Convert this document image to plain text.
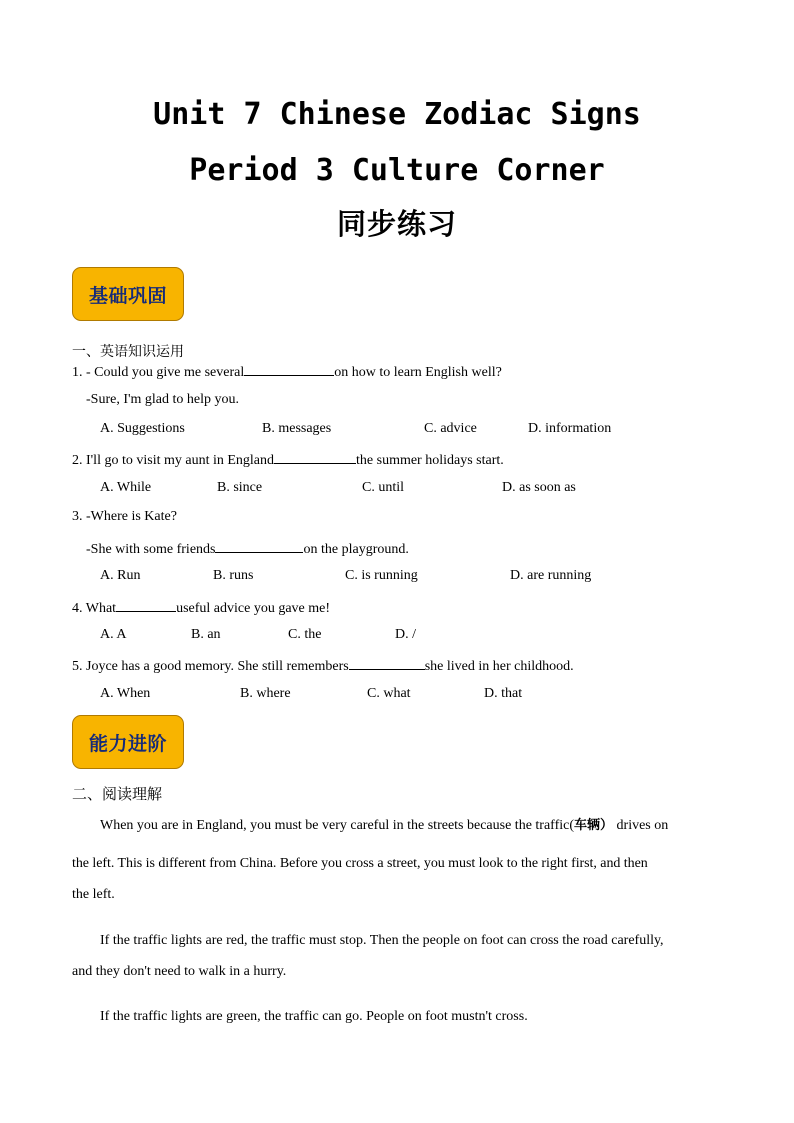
Unit 7 Chinese Zodiac Signs
Period 3 Culture Corner
同步练习
基础巩固
一、英语知识运用
1. - Could you give me several	on how to learn English well?
-Sure, I'm glad to help you.
A. Suggestions	B. messages	C. advice	D. information
2. I'll go to visit my aunt in England	the summer holidays start.
A. While	B. since	C. until	D. as soon as
3. -Where is Kate?
-She with some friends	on the playground.
A. Run	B. runs	C. is running	D. are running
4. What	useful advice you gave me!
A. A	B. an	C. the	D. /
5. Joyce has a good memory. She still remembers	she lived in her childhood.
A. When	B. where	C. what	D. that
能力进阶
二、阅读理解
When you are in England, you must be very careful in the streets because the traffic(车辆） drives on
the left. This is different from China. Before you cross a street, you must look to the right first, and then
the left.
If the traffic lights are red, the traffic must stop. Then the people on foot can cross the road carefully,
and they don't need to walk in a hurry.
If the traffic lights are green, the traffic can go. People on foot mustn't cross.
